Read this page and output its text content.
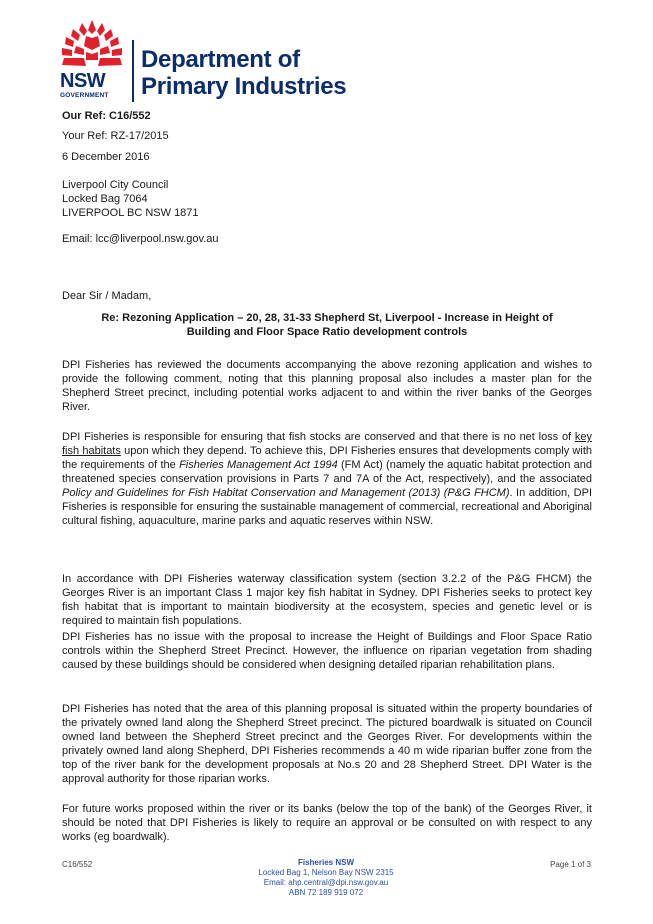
NSW
GOVERNMENT
Department of
Primary Industries
Our Ref: C16/552
Your Ref: RZ-17/2015
6 December 2016
Liverpool City Council
Locked Bag 7064
LIVERPOOL BC NSW 1871
Email: lcc@liverpool.nsw.gov.au
Dear Sir / Madam,
Re: Rezoning Application – 20, 28, 31-33 Shepherd St, Liverpool - Increase in Height of
Building and Floor Space Ratio development controls
DPI Fisheries has reviewed the documents accompanying the above rezoning application and wishes to provide the following comment, noting that this planning proposal also includes a master plan for the Shepherd Street precinct, including potential works adjacent to and within the river banks of the Georges River.
DPI Fisheries is responsible for ensuring that fish stocks are conserved and that there is no net loss of key fish habitats upon which they depend. To achieve this, DPI Fisheries ensures that developments comply with the requirements of the Fisheries Management Act 1994 (FM Act) (namely the aquatic habitat protection and threatened species conservation provisions in Parts 7 and 7A of the Act, respectively), and the associated Policy and Guidelines for Fish Habitat Conservation and Management (2013) (P&G FHCM). In addition, DPI Fisheries is responsible for ensuring the sustainable management of commercial, recreational and Aboriginal cultural fishing, aquaculture, marine parks and aquatic reserves within NSW.
In accordance with DPI Fisheries waterway classification system (section 3.2.2 of the P&G FHCM) the Georges River is an important Class 1 major key fish habitat in Sydney. DPI Fisheries seeks to protect key fish habitat that is important to maintain biodiversity at the ecosystem, species and genetic level or is required to maintain fish populations.
DPI Fisheries has no issue with the proposal to increase the Height of Buildings and Floor Space Ratio controls within the Shepherd Street Precinct. However, the influence on riparian vegetation from shading caused by these buildings should be considered when designing detailed riparian rehabilitation plans.
DPI Fisheries has noted that the area of this planning proposal is situated within the property boundaries of the privately owned land along the Shepherd Street precinct. The pictured boardwalk is situated on Council owned land between the Shepherd Street precinct and the Georges River. For developments within the privately owned land along Shepherd, DPI Fisheries recommends a 40 m wide riparian buffer zone from the top of the river bank for the development proposals at No.s 20 and 28 Shepherd Street. DPI Water is the approval authority for those riparian works.
For future works proposed within the river or its banks (below the top of the bank) of the Georges River, it should be noted that DPI Fisheries is likely to require an approval or be consulted on with respect to any works (eg boardwalk).
C16/552	Fisheries NSW
Locked Bag 1, Nelson Bay NSW 2315
Email: ahp.central@dpi.nsw.gov.au
ABN 72 189 919 072
Page 1 of 3
